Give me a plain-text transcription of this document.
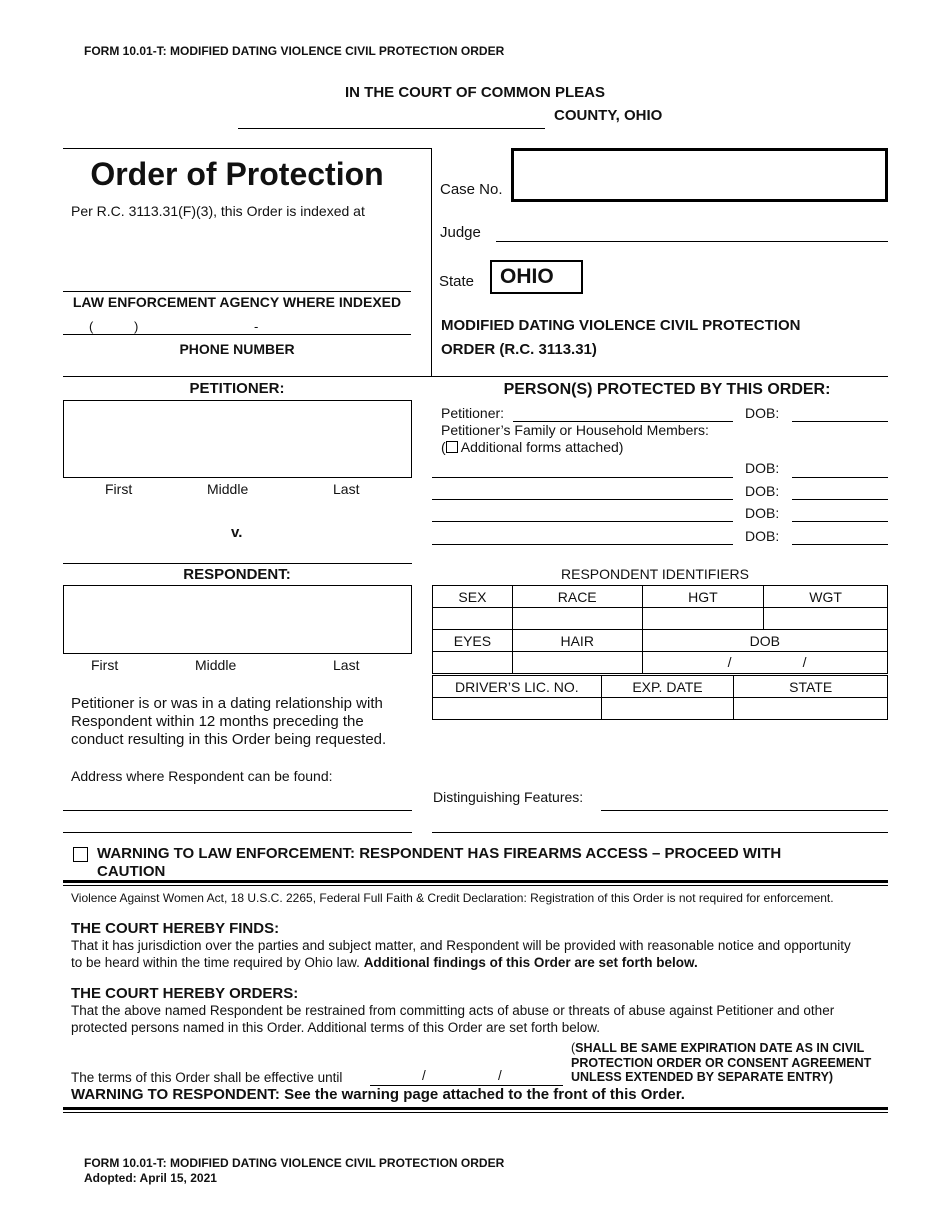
FORM 10.01-T: MODIFIED DATING VIOLENCE CIVIL PROTECTION ORDER
IN THE COURT OF COMMON PLEAS
COUNTY, OHIO
Order of Protection
Per R.C. 3113.31(F)(3), this Order is indexed at
LAW ENFORCEMENT AGENCY WHERE INDEXED
(	)	-
PHONE NUMBER
Case No.
Judge
State	OHIO
MODIFIED DATING VIOLENCE CIVIL PROTECTION
ORDER (R.C. 3113.31)
PETITIONER:
First	Middle	Last
v.
PERSON(S) PROTECTED BY THIS ORDER:
Petitioner:	DOB:
Petitioner’s Family or Household Members:
( Additional forms attached)
DOB:
DOB:
DOB:
DOB:
RESPONDENT:
First	Middle	Last
Petitioner is or was in a dating relationship with Respondent within 12 months preceding the conduct resulting in this Order being requested.
Address where Respondent can be found:
RESPONDENT IDENTIFIERS
SEX	RACE	HGT	WGT

EYES	HAIR	DOB	

		/ /	
DRIVER’S LIC. NO.	EXP. DATE	STATE

Distinguishing Features:
WARNING TO LAW ENFORCEMENT: RESPONDENT HAS FIREARMS ACCESS – PROCEED WITH
CAUTION
Violence Against Women Act, 18 U.S.C. 2265, Federal Full Faith & Credit Declaration: Registration of this Order is not required for enforcement.
THE COURT HEREBY FINDS:
That it has jurisdiction over the parties and subject matter, and Respondent will be provided with reasonable notice and opportunity to be heard within the time required by Ohio law. Additional findings of this Order are set forth below.
THE COURT HEREBY ORDERS:
That the above named Respondent be restrained from committing acts of abuse or threats of abuse against Petitioner and other protected persons named in this Order. Additional terms of this Order are set forth below.
The terms of this Order shall be effective until	/	/
(SHALL BE SAME EXPIRATION DATE AS IN CIVIL PROTECTION ORDER OR CONSENT AGREEMENT UNLESS EXTENDED BY SEPARATE ENTRY)
WARNING TO RESPONDENT: See the warning page attached to the front of this Order.
FORM 10.01-T: MODIFIED DATING VIOLENCE CIVIL PROTECTION ORDER
Adopted: April 15, 2021
